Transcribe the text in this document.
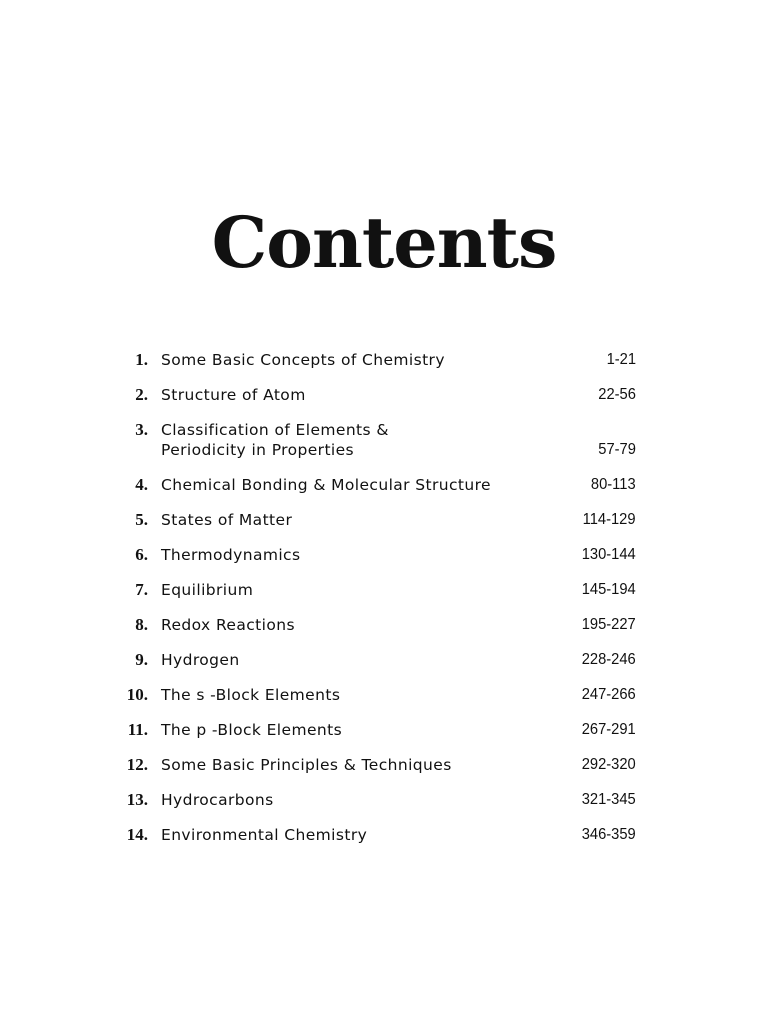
Contents
1. Some Basic Concepts of Chemistry	1-21
2. Structure of Atom	22-56
3. Classification of Elements &
Periodicity in Properties	57-79
4. Chemical Bonding & Molecular Structure	80-113
5. States of Matter	114-129
6. Thermodynamics	130-144
7. Equilibrium	145-194
8. Redox Reactions	195-227
9. Hydrogen	228-246
10. The s -Block Elements	247-266
11. The p -Block Elements	267-291
12. Some Basic Principles & Techniques	292-320
13. Hydrocarbons	321-345
14. Environmental Chemistry	346-359
